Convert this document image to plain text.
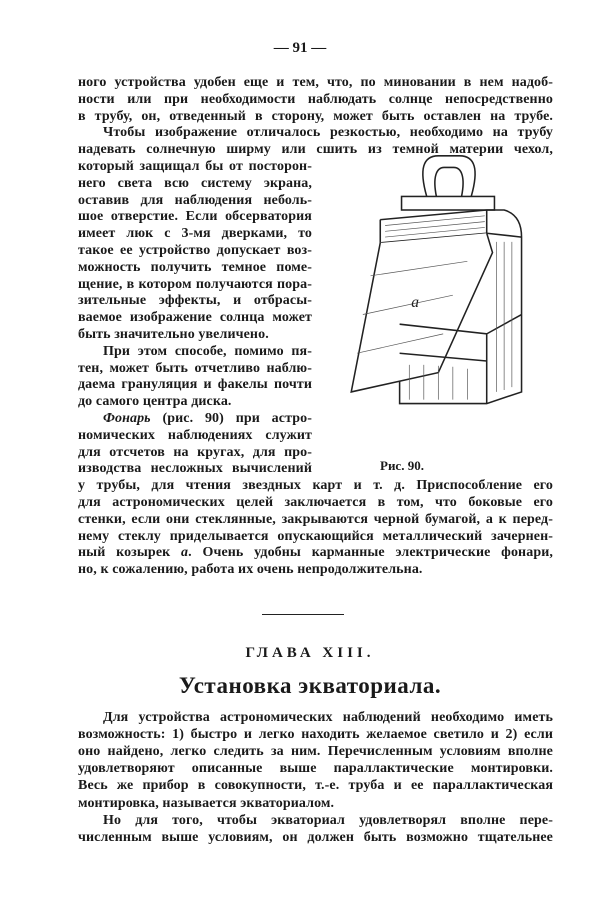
— 91 —
ного устройства удобен еще и тем, что, по миновании в нем надоб-
ности или при необходимости наблюдать солнце непосредственно
в трубу, он, отведенный в сторону, может быть оставлен на трубе.
Чтобы изображение отличалось резкостью, необходимо на трубу
надевать солнечную ширму или сшить из темной материи чехол,
который защищал бы от посторон-
него света всю систему экрана,
оставив для наблюдения неболь-
шое отверстие. Если обсерватория
имеет люк с 3-мя дверками, то
такое ее устройство допускает воз-
можность получить темное поме-
щение, в котором получаются пора-
зительные эффекты, и отбрасы-
ваемое изображение солнца может
быть значительно увеличено.
При этом способе, помимо пя-
тен, может быть отчетливо наблю-
даема грануляция и факелы почти
до самого центра диска.
Фонарь (рис. 90) при астро-
номических наблюдениях служит
для отсчетов на кругах, для про-
изводства несложных вычислений
у трубы, для чтения звездных карт и т. д. Приспособление его
для астрономических целей заключается в том, что боковые его
стенки, если они стеклянные, закрываются черной бумагой, а к перед-
нему стеклу приделывается опускающийся металлический зачернен-
ный козырек a. Очень удобны карманные электрические фонари,
но, к сожалению, работа их очень непродолжительна.
a
Рис. 90.
ГЛАВА XIII.
Установка экваториала.
Для устройства астрономических наблюдений необходимо иметь
возможность: 1) быстро и легко находить желаемое светило и 2) если
оно найдено, легко следить за ним. Перечисленным условиям вполне
удовлетворяют описанные выше параллактические монтировки.
Весь же прибор в совокупности, т.-е. труба и ее параллактическая
монтировка, называется экваториалом.
Но для того, чтобы экваториал удовлетворял вполне пере-
численным выше условиям, он должен быть возможно тщательнее
